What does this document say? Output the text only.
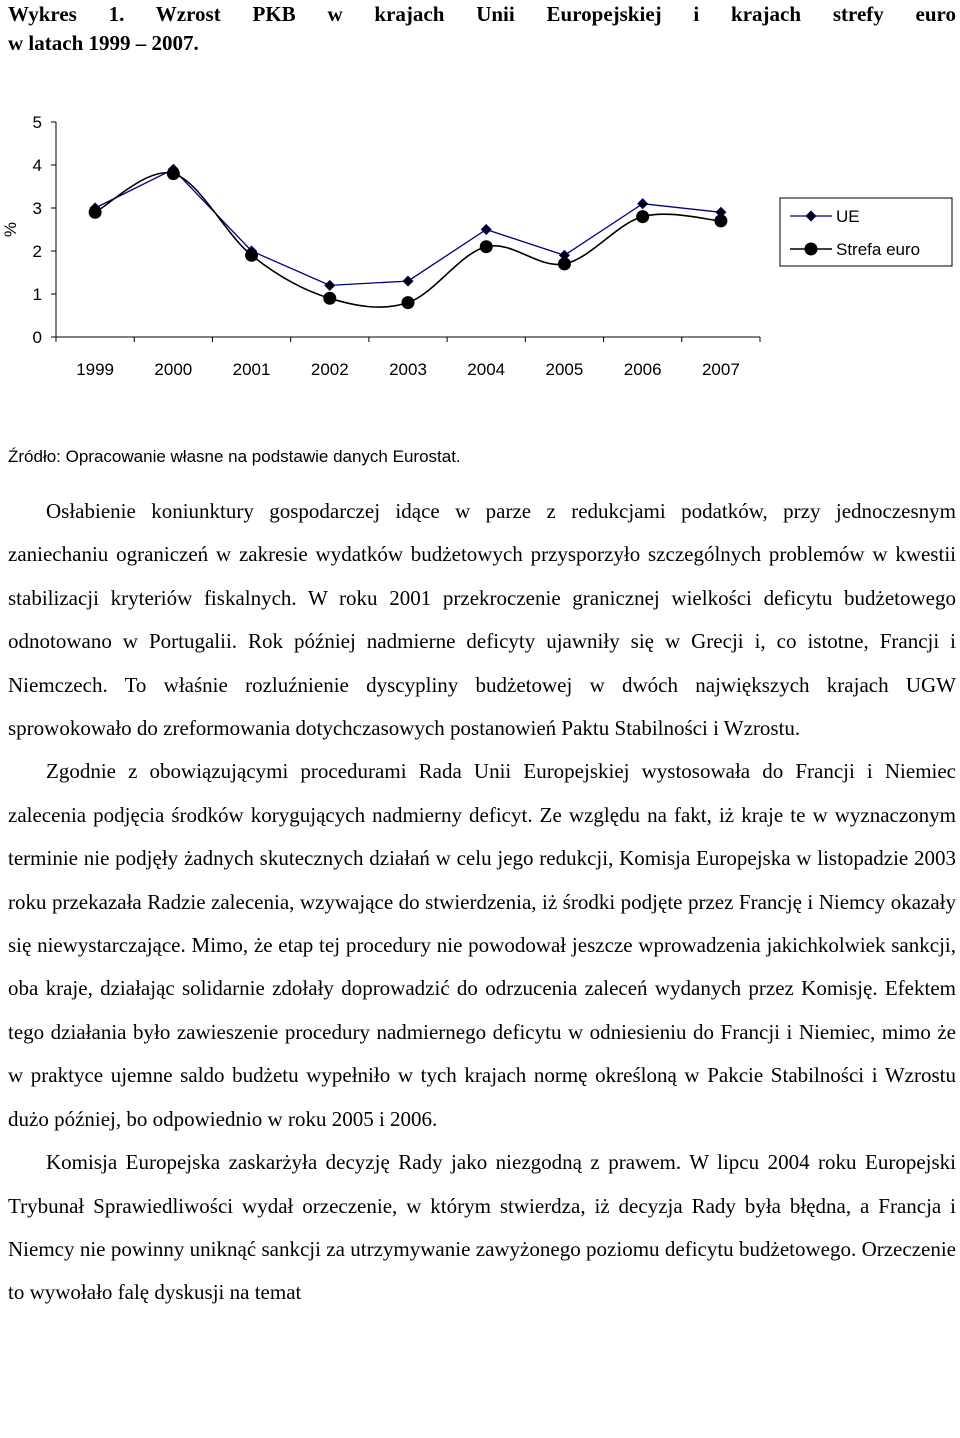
Wykres 1. Wzrost PKB w krajach Unii Europejskiej i krajach strefy euro
w latach 1999 – 2007.
0
1
2
3
4
5
%
1999 2000 2001 2002 2003 2004 2005 2006 2007
UE
Strefa euro
Źródło: Opracowanie własne na podstawie danych Eurostat.

Osłabienie koniunktury gospodarczej idące w parze z redukcjami podatków, przy jednoczesnym zaniechaniu ograniczeń w zakresie wydatków budżetowych przysporzyło szczególnych problemów w kwestii stabilizacji kryteriów fiskalnych. W roku 2001 przekroczenie granicznej wielkości deficytu budżetowego odnotowano w Portugalii. Rok później nadmierne deficyty ujawniły się w Grecji i, co istotne, Francji i Niemczech. To właśnie rozluźnienie dyscypliny budżetowej w dwóch największych krajach UGW sprowokowało do zreformowania dotychczasowych postanowień Paktu Stabilności i Wzrostu.

Zgodnie z obowiązującymi procedurami Rada Unii Europejskiej wystosowała do Francji i Niemiec zalecenia podjęcia środków korygujących nadmierny deficyt. Ze względu na fakt, iż kraje te w wyznaczonym terminie nie podjęły żadnych skutecznych działań w celu jego redukcji, Komisja Europejska w listopadzie 2003 roku przekazała Radzie zalecenia, wzywające do stwierdzenia, iż środki podjęte przez Francję i Niemcy okazały się niewystarczające. Mimo, że etap tej procedury nie powodował jeszcze wprowadzenia jakichkolwiek sankcji, oba kraje, działając solidarnie zdołały doprowadzić do odrzucenia zaleceń wydanych przez Komisję. Efektem tego działania było zawieszenie procedury nadmiernego deficytu w odniesieniu do Francji i Niemiec, mimo że w praktyce ujemne saldo budżetu wypełniło w tych krajach normę określoną w Pakcie Stabilności i Wzrostu dużo później, bo odpowiednio w roku 2005 i 2006.

Komisja Europejska zaskarżyła decyzję Rady jako niezgodną z prawem. W lipcu 2004 roku Europejski Trybunał Sprawiedliwości wydał orzeczenie, w którym stwierdza, iż decyzja Rady była błędna, a Francja i Niemcy nie powinny uniknąć sankcji za utrzymywanie zawyżonego poziomu deficytu budżetowego. Orzeczenie to wywołało falę dyskusji na temat
